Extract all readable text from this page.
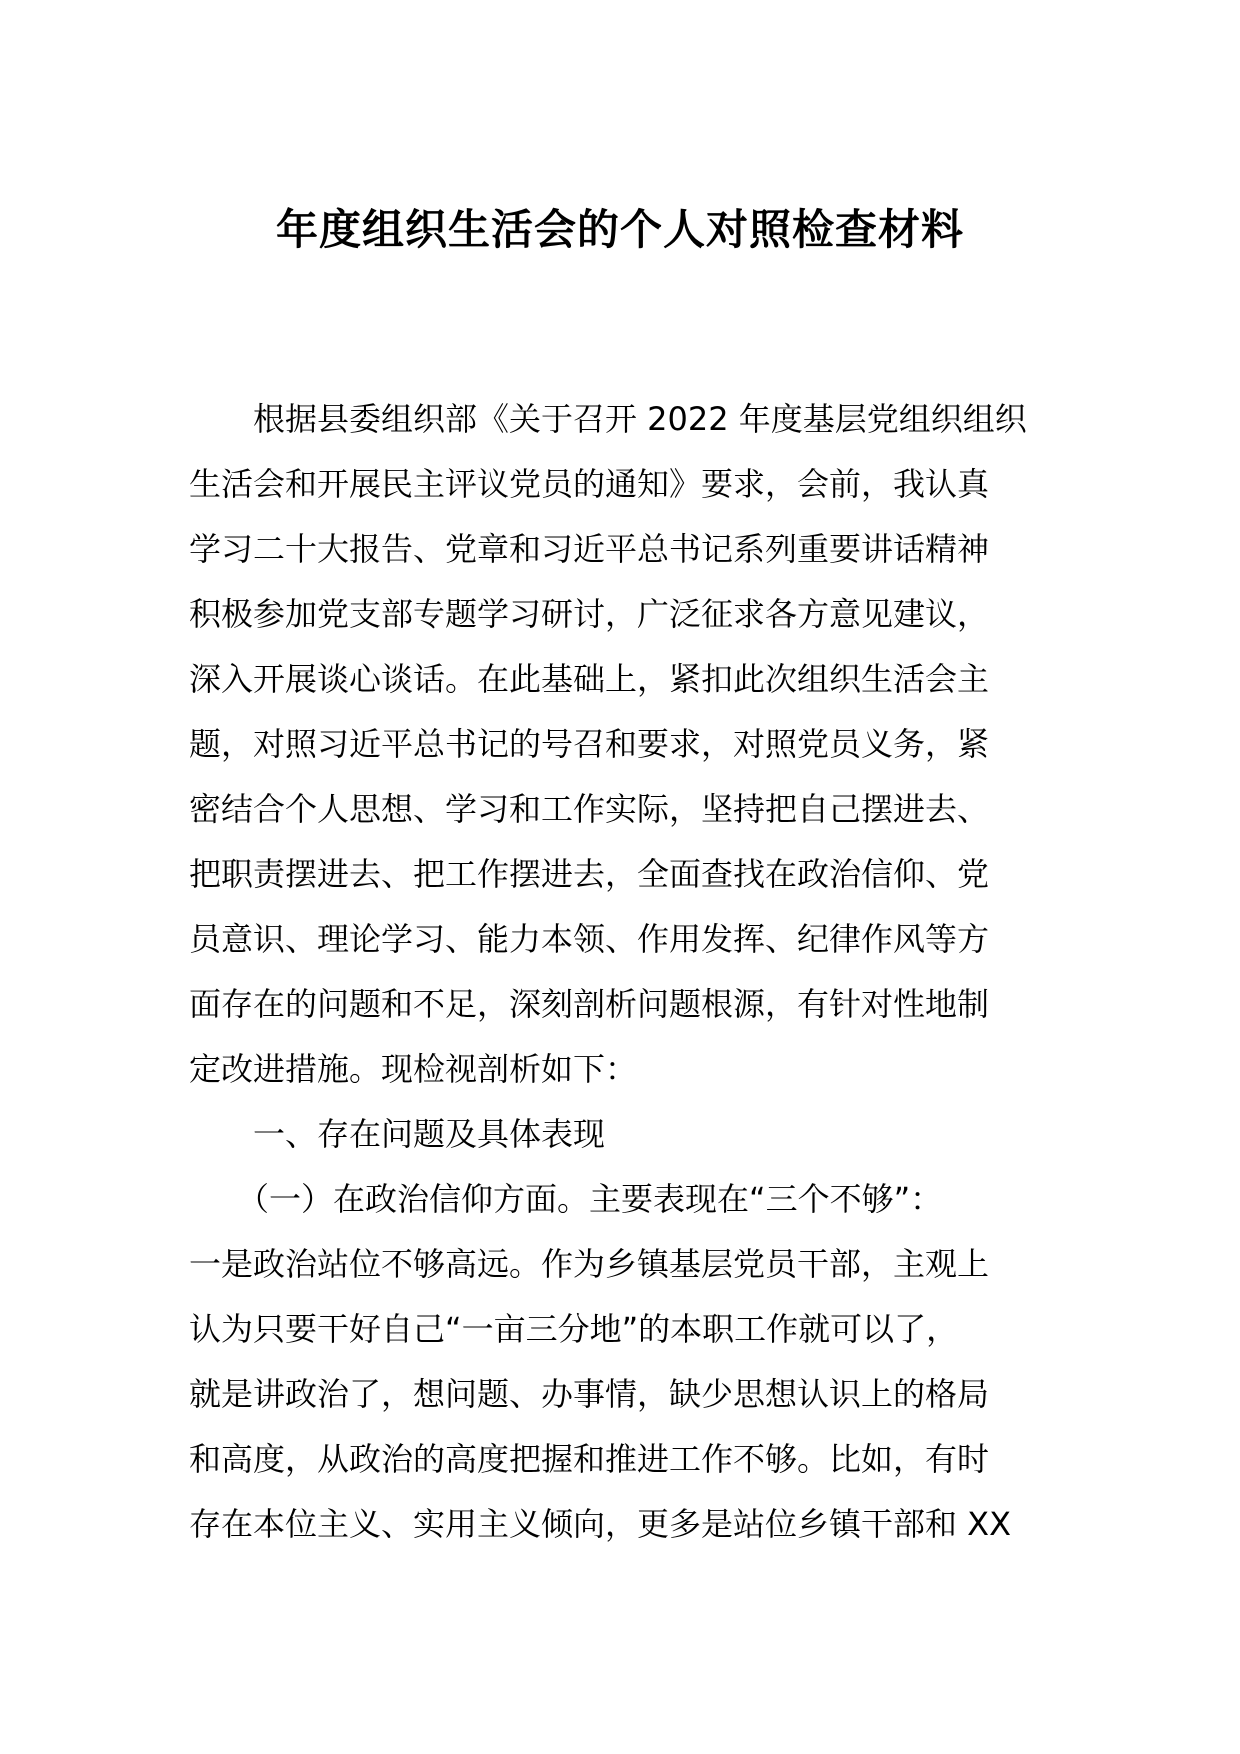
年度组织生活会的个人对照检查材料
　　根据县委组织部《关于召开 2022 年度基层党组织组织
生活会和开展民主评议党员的通知》要求，会前，我认真
学习二十大报告、党章和习近平总书记系列重要讲话精神
积极参加党支部专题学习研讨，广泛征求各方意见建议，
深入开展谈心谈话。在此基础上，紧扣此次组织生活会主
题，对照习近平总书记的号召和要求，对照党员义务，紧
密结合个人思想、学习和工作实际，坚持把自己摆进去、
把职责摆进去、把工作摆进去，全面查找在政治信仰、党
员意识、理论学习、能力本领、作用发挥、纪律作风等方
面存在的问题和不足，深刻剖析问题根源，有针对性地制
定改进措施。现检视剖析如下：
　　一、存在问题及具体表现
　　（一）在政治信仰方面。主要表现在“三个不够”：
一是政治站位不够高远。作为乡镇基层党员干部，主观上
认为只要干好自己“一亩三分地”的本职工作就可以了，
就是讲政治了，想问题、办事情，缺少思想认识上的格局
和高度，从政治的高度把握和推进工作不够。比如，有时
存在本位主义、实用主义倾向，更多是站位乡镇干部和 XX
